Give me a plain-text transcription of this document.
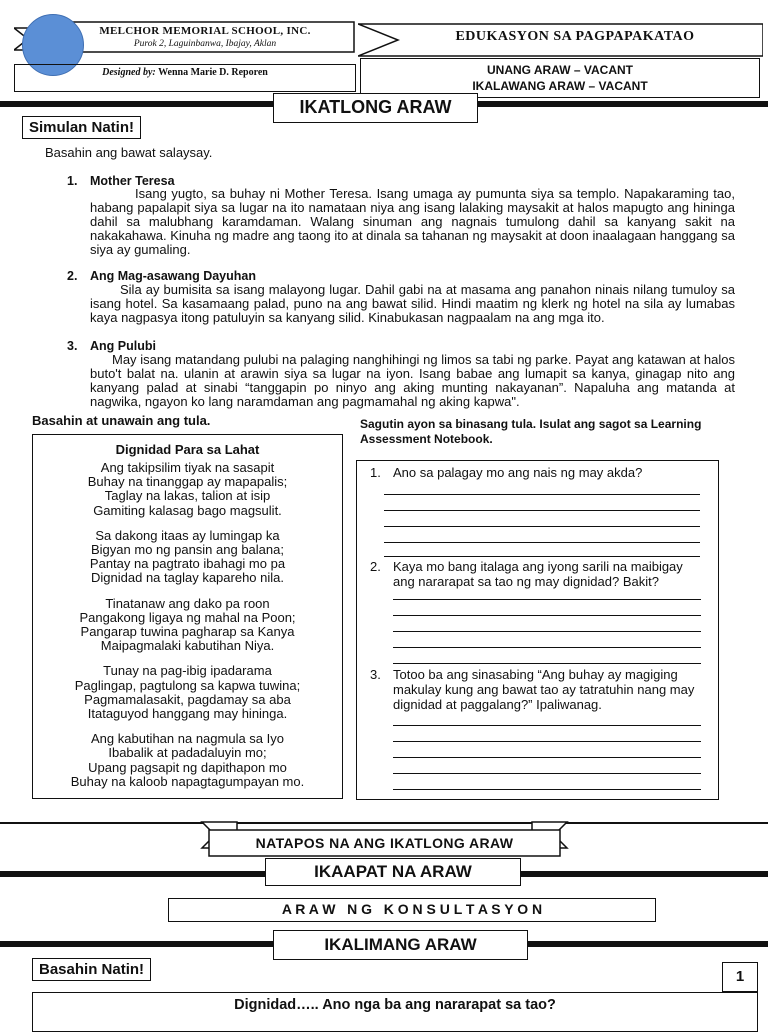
MELCHOR MEMORIAL SCHOOL, INC.
Purok 2, Laguinbanwa, Ibajay, Aklan	EDUKASYON SA PAGPAPAKATAO
Designed by: Wenna Marie D. Reporen	UNANG ARAW – VACANT
IKALAWANG ARAW – VACANT
IKATLONG ARAW
Simulan Natin!
Basahin ang bawat salaysay.
1. Mother Teresa
Isang yugto, sa buhay ni Mother Teresa. Isang umaga ay pumunta siya sa templo. Napakaraming tao, habang papalapit siya sa lugar na ito namataan niya ang isang lalaking maysakit at halos mapugto ang hininga dahil sa malubhang karamdaman. Walang sinuman ang nagnais tumulong dahil sa kanyang sakit na nakakahawa. Kinuha ng madre ang taong ito at dinala sa tahanan ng maysakit at doon inaalagaan hanggang sa siya ay gumaling.
2. Ang Mag-asawang Dayuhan
Sila ay bumisita sa isang malayong lugar. Dahil gabi na at masama ang panahon ninais nilang tumuloy sa isang hotel. Sa kasamaang palad, puno na ang bawat silid. Hindi maatim ng klerk ng hotel na sila ay lumabas kaya nagpasya itong patuluyin sa kanyang silid. Kinabukasan nagpaalam na ang mga ito.
3. Ang Pulubi
May isang matandang pulubi na palaging nanghihingi ng limos sa tabi ng parke. Payat ang katawan at halos buto't balat na. ulanin at arawin siya sa lugar na iyon. Isang babae ang lumapit sa kanya, ginagap nito ang kanyang palad at sinabi “tanggapin po ninyo ang aking munting nakayanan”. Napaluha ang matanda at nagwika, ngayon ko lang naramdaman ang pagmamahal ng aking kapwa".
Basahin at unawain ang tula.
Dignidad Para sa Lahat
Ang takipsilim tiyak na sasapit
Buhay na tinanggap ay mapapalis;
Taglay na lakas, talion at isip
Gamiting kalasag bago magsulit.
Sa dakong itaas ay lumingap ka
Bigyan mo ng pansin ang balana;
Pantay na pagtrato ibahagi mo pa
Dignidad na taglay kapareho nila.
Tinatanaw ang dako pa roon
Pangakong ligaya ng mahal na Poon;
Pangarap tuwina pagharap sa Kanya
Maipagmalaki kabutihan Niya.
Tunay na pag-ibig ipadarama
Paglingap, pagtulong sa kapwa tuwina;
Pagmamalasakit, pagdamay sa aba
Itataguyod hanggang may hininga.
Ang kabutihan na nagmula sa Iyo
Ibabalik at padadaluyin mo;
Upang pagsapit ng dapithapon mo
Buhay na kaloob napagtagumpayan mo.
Sagutin ayon sa binasang tula. Isulat ang sagot sa Learning Assessment Notebook.
1. Ano sa palagay mo ang nais ng may akda?
2. Kaya mo bang italaga ang iyong sarili na maibigay ang nararapat sa tao ng may dignidad? Bakit?
3. Totoo ba ang sinasabing “Ang buhay ay magiging makulay kung ang bawat tao ay tatratuhin nang may dignidad at paggalang?” Ipaliwanag.
NATAPOS NA ANG IKATLONG ARAW
IKAAPAT NA ARAW
A R A W   N G   K O N S U L T A S Y O N
IKALIMANG ARAW
Basahin Natin!	1
Dignidad….. Ano nga ba ang nararapat sa tao?
